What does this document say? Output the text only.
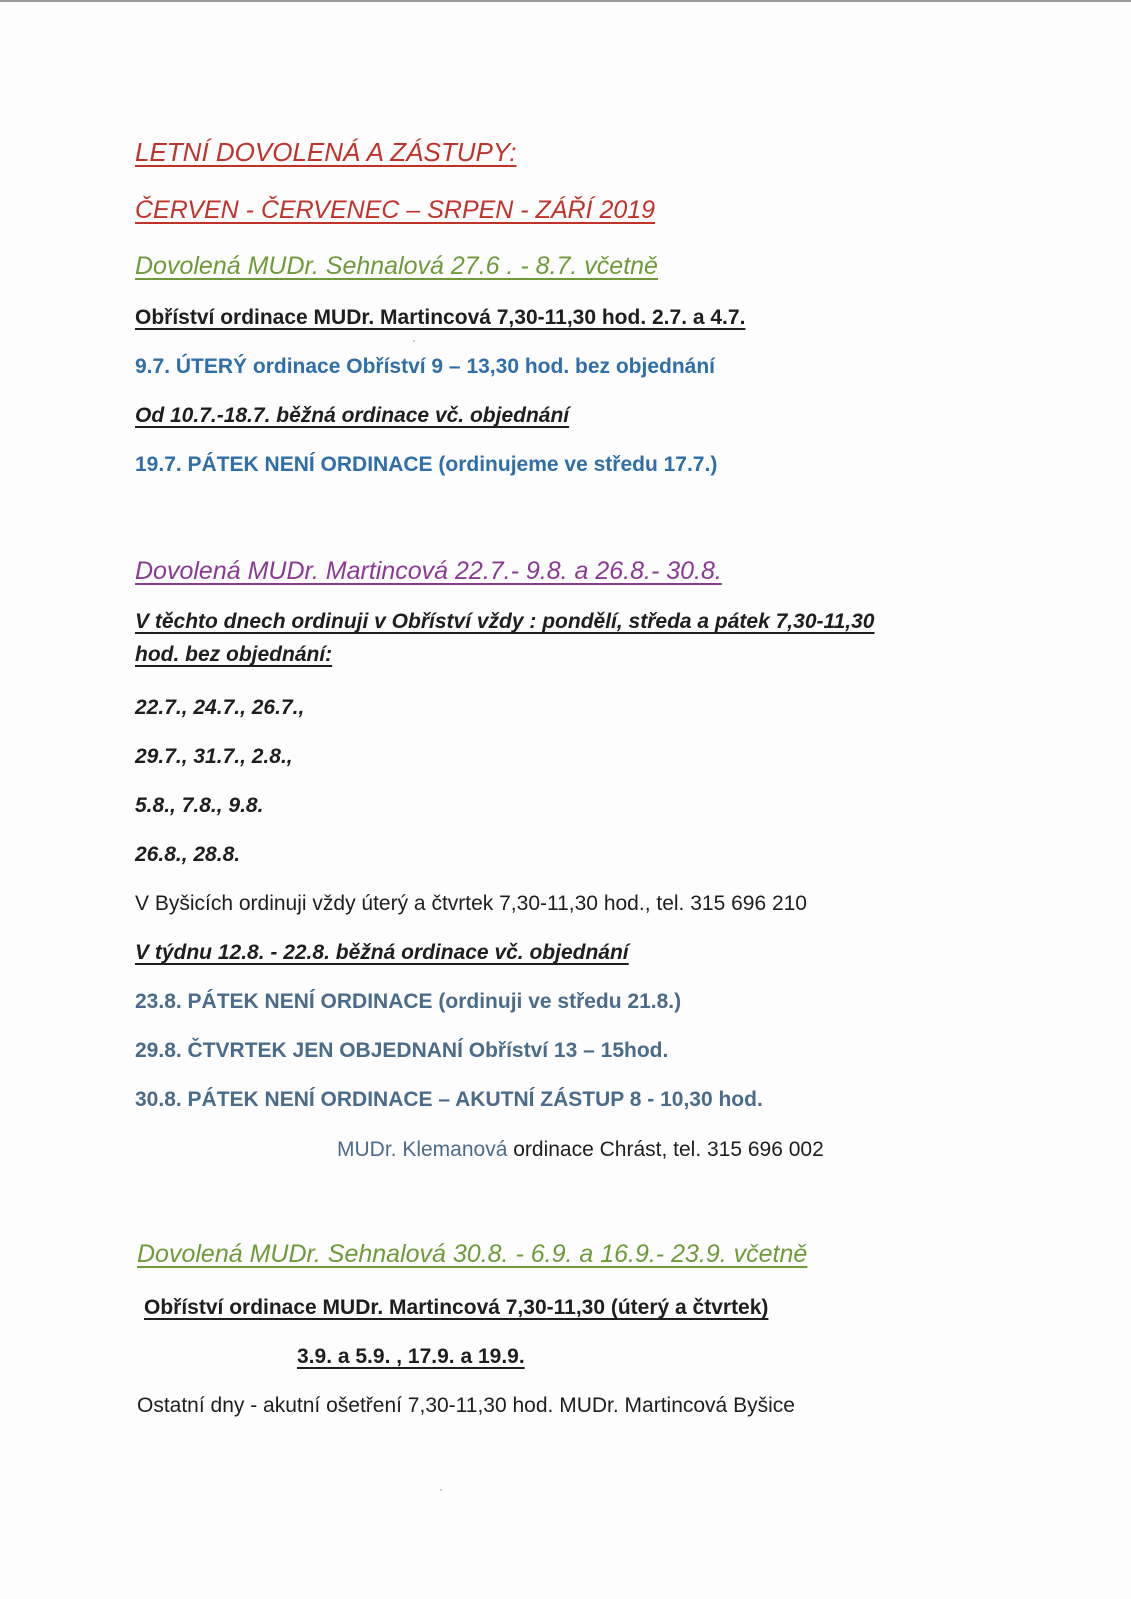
LETNÍ DOVOLENÁ A ZÁSTUPY:

ČERVEN - ČERVENEC – SRPEN - ZÁŘÍ 2019

Dovolená MUDr. Sehnalová 27.6 . - 8.7. včetně

Obříství ordinace MUDr. Martincová 7,30-11,30 hod. 2.7. a 4.7.

9.7. ÚTERÝ ordinace Obříství 9 – 13,30 hod. bez objednání

Od 10.7.-18.7. běžná ordinace vč. objednání

19.7. PÁTEK NENÍ ORDINACE (ordinujeme ve středu 17.7.)

Dovolená MUDr. Martincová 22.7.- 9.8. a 26.8.- 30.8.

V těchto dnech ordinuji v Obříství vždy : pondělí, středa a pátek 7,30-11,30

hod. bez objednání:

22.7., 24.7., 26.7.,

29.7., 31.7., 2.8.,

5.8., 7.8., 9.8.

26.8., 28.8.

V Byšicích ordinuji vždy úterý a čtvrtek 7,30-11,30 hod., tel. 315 696 210

V týdnu 12.8. - 22.8. běžná ordinace vč. objednání

23.8. PÁTEK NENÍ ORDINACE (ordinuji ve středu 21.8.)

29.8. ČTVRTEK JEN OBJEDNANÍ Obříství 13 – 15hod.

30.8. PÁTEK NENÍ ORDINACE – AKUTNÍ ZÁSTUP 8 - 10,30 hod.

MUDr. Klemanová ordinace Chrást, tel. 315 696 002

Dovolená MUDr. Sehnalová 30.8. - 6.9. a 16.9.- 23.9. včetně

Obříství ordinace MUDr. Martincová 7,30-11,30 (úterý a čtvrtek)

3.9. a 5.9. , 17.9. a 19.9.

Ostatní dny - akutní ošetření 7,30-11,30 hod. MUDr. Martincová Byšice
